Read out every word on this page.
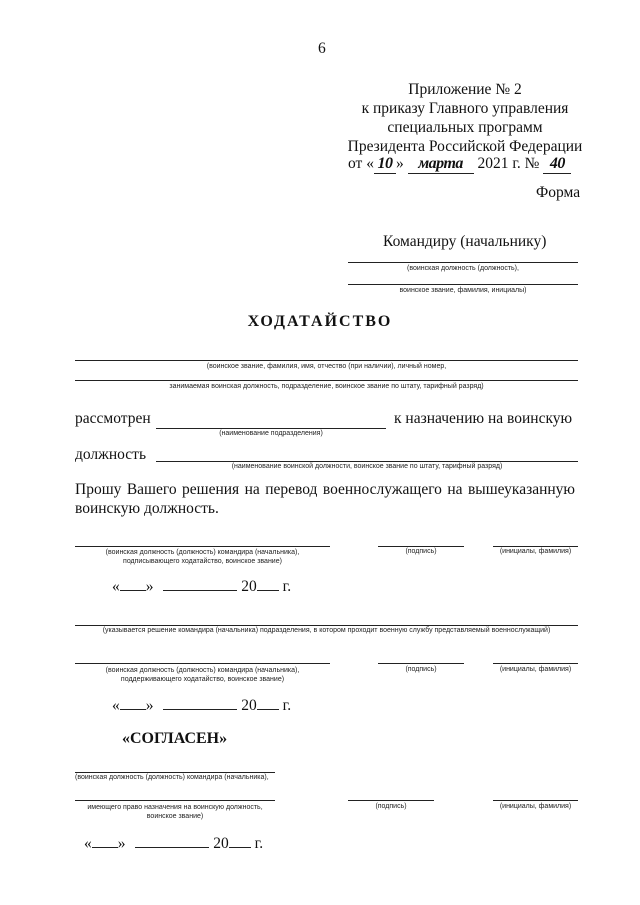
6
Приложение № 2
к приказу Главного управления
специальных программ
Президента Российской Федерации
от « 10 » марта 2021 г. № 40
Форма
Командиру (начальнику)
(воинская должность (должность),
воинское звание, фамилия, инициалы)
ХОДАТАЙСТВО
(воинское звание, фамилия, имя, отчество (при наличии), личный номер,
занимаемая воинская должность, подразделение, воинское звание по штату, тарифный разряд)
рассмотрен
(наименование подразделения)
к назначению на воинскую
должность
(наименование воинской должности, воинское звание по штату, тарифный разряд)
Прошу Вашего решения на перевод военнослужащего на вышеуказанную воинскую должность.
(воинская должность (должность) командира (начальника),
подписывающего ходатайство, воинское звание)
(подпись)	(инициалы, фамилия)
« »	20 г.
(указывается решение командира (начальника) подразделения, в котором проходит военную службу представляемый военнослужащий)
(воинская должность (должность) командира (начальника),
поддерживающего ходатайство, воинское звание)
(подпись)	(инициалы, фамилия)
« »	20 г.
«СОГЛАСЕН»
(воинская должность (должность) командира (начальника),
имеющего право назначения на воинскую должность,
воинское звание)
(подпись)	(инициалы, фамилия)
« »	20 г.
